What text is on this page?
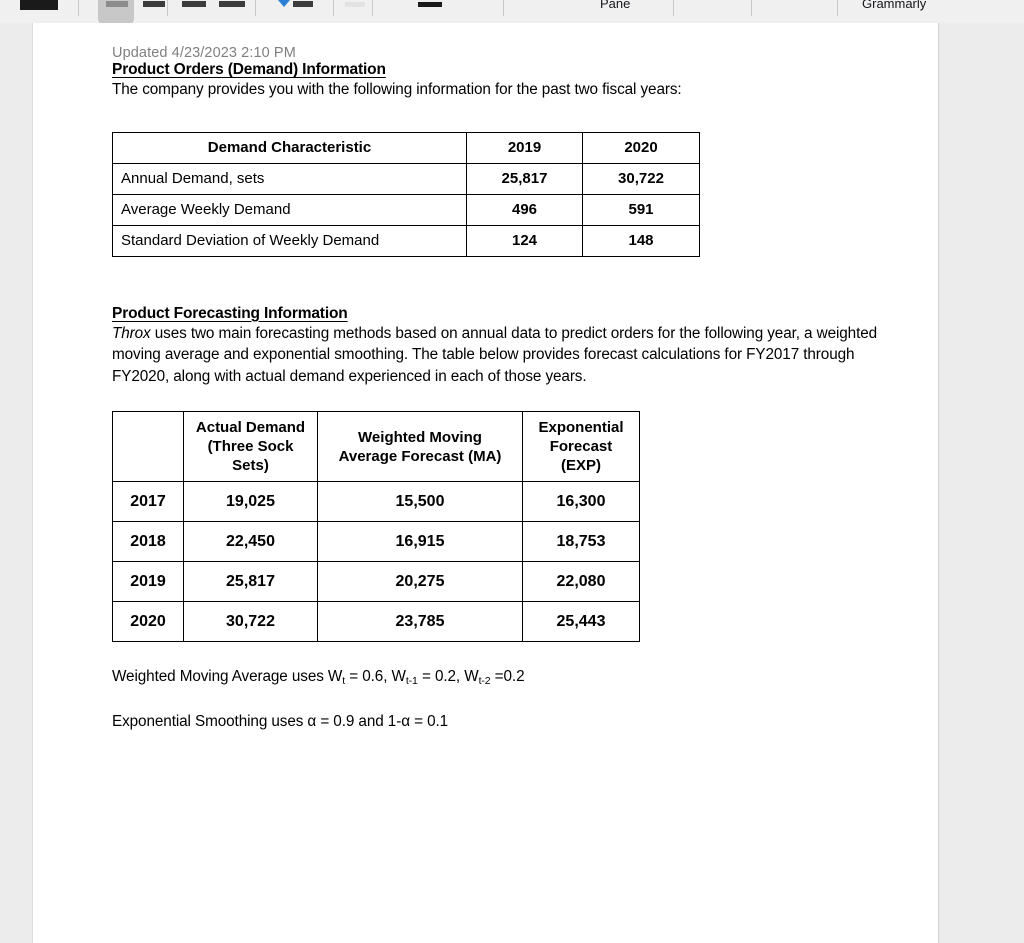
Pane	Grammarly
Updated 4/23/2023 2:10 PM
Product Orders (Demand) Information

The company provides you with the following information for the past two fiscal years:

Demand Characteristic	2019	2020
Annual Demand, sets	25,817	30,722
Average Weekly Demand	496	591
Standard Deviation of Weekly Demand	124	148
Product Forecasting Information

Throx uses two main forecasting methods based on annual data to predict orders for the following year, a weighted moving average and exponential smoothing. The table below provides forecast calculations for FY2017 through FY2020, along with actual demand experienced in each of those years.

	Actual Demand
(Three Sock
Sets)	Weighted Moving
Average Forecast (MA)	Exponential
Forecast
(EXP)
2017	19,025	15,500	16,300
2018	22,450	16,915	18,753
2019	25,817	20,275	22,080
2020	30,722	23,785	25,443

Weighted Moving Average uses $W_t = 0.6$, $W_{t-1} = 0.2$, $W_{t-2} =0.2$

Exponential Smoothing uses α = 0.9 and 1-α = 0.1
